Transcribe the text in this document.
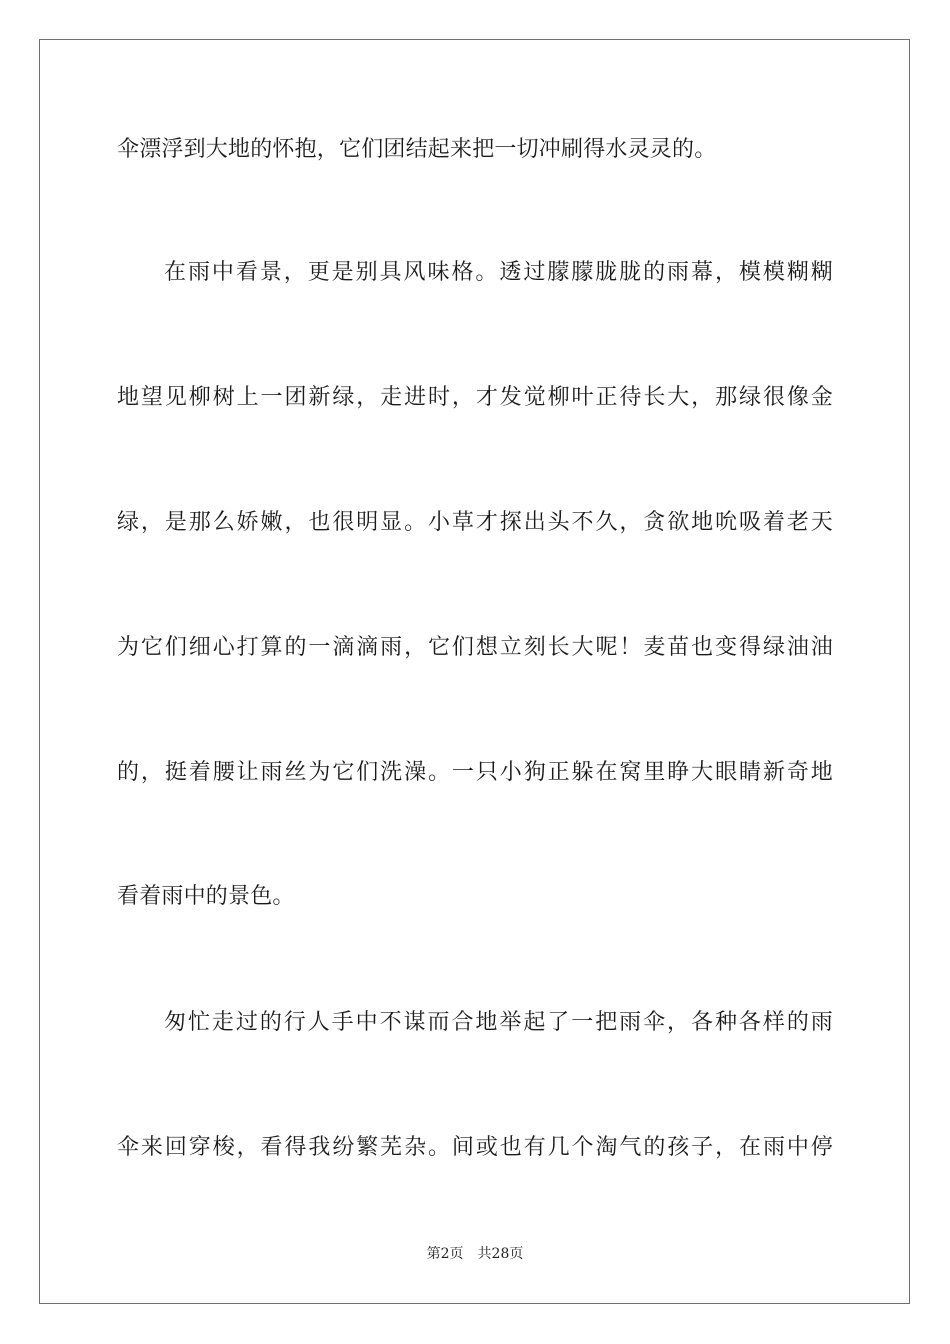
伞漂浮到大地的怀抱，它们团结起来把一切冲刷得水灵灵的。
在雨中看景，更是别具风味格。透过朦朦胧胧的雨幕，模模糊糊
地望见柳树上一团新绿，走进时，才发觉柳叶正待长大，那绿很像金
绿，是那么娇嫩，也很明显。小草才探出头不久，贪欲地吮吸着老天
为它们细心打算的一滴滴雨，它们想立刻长大呢！麦苗也变得绿油油
的，挺着腰让雨丝为它们洗澡。一只小狗正躲在窝里睁大眼睛新奇地
看着雨中的景色。
匆忙走过的行人手中不谋而合地举起了一把雨伞，各种各样的雨
伞来回穿梭，看得我纷繁芜杂。间或也有几个淘气的孩子，在雨中停
第2页 共28页
